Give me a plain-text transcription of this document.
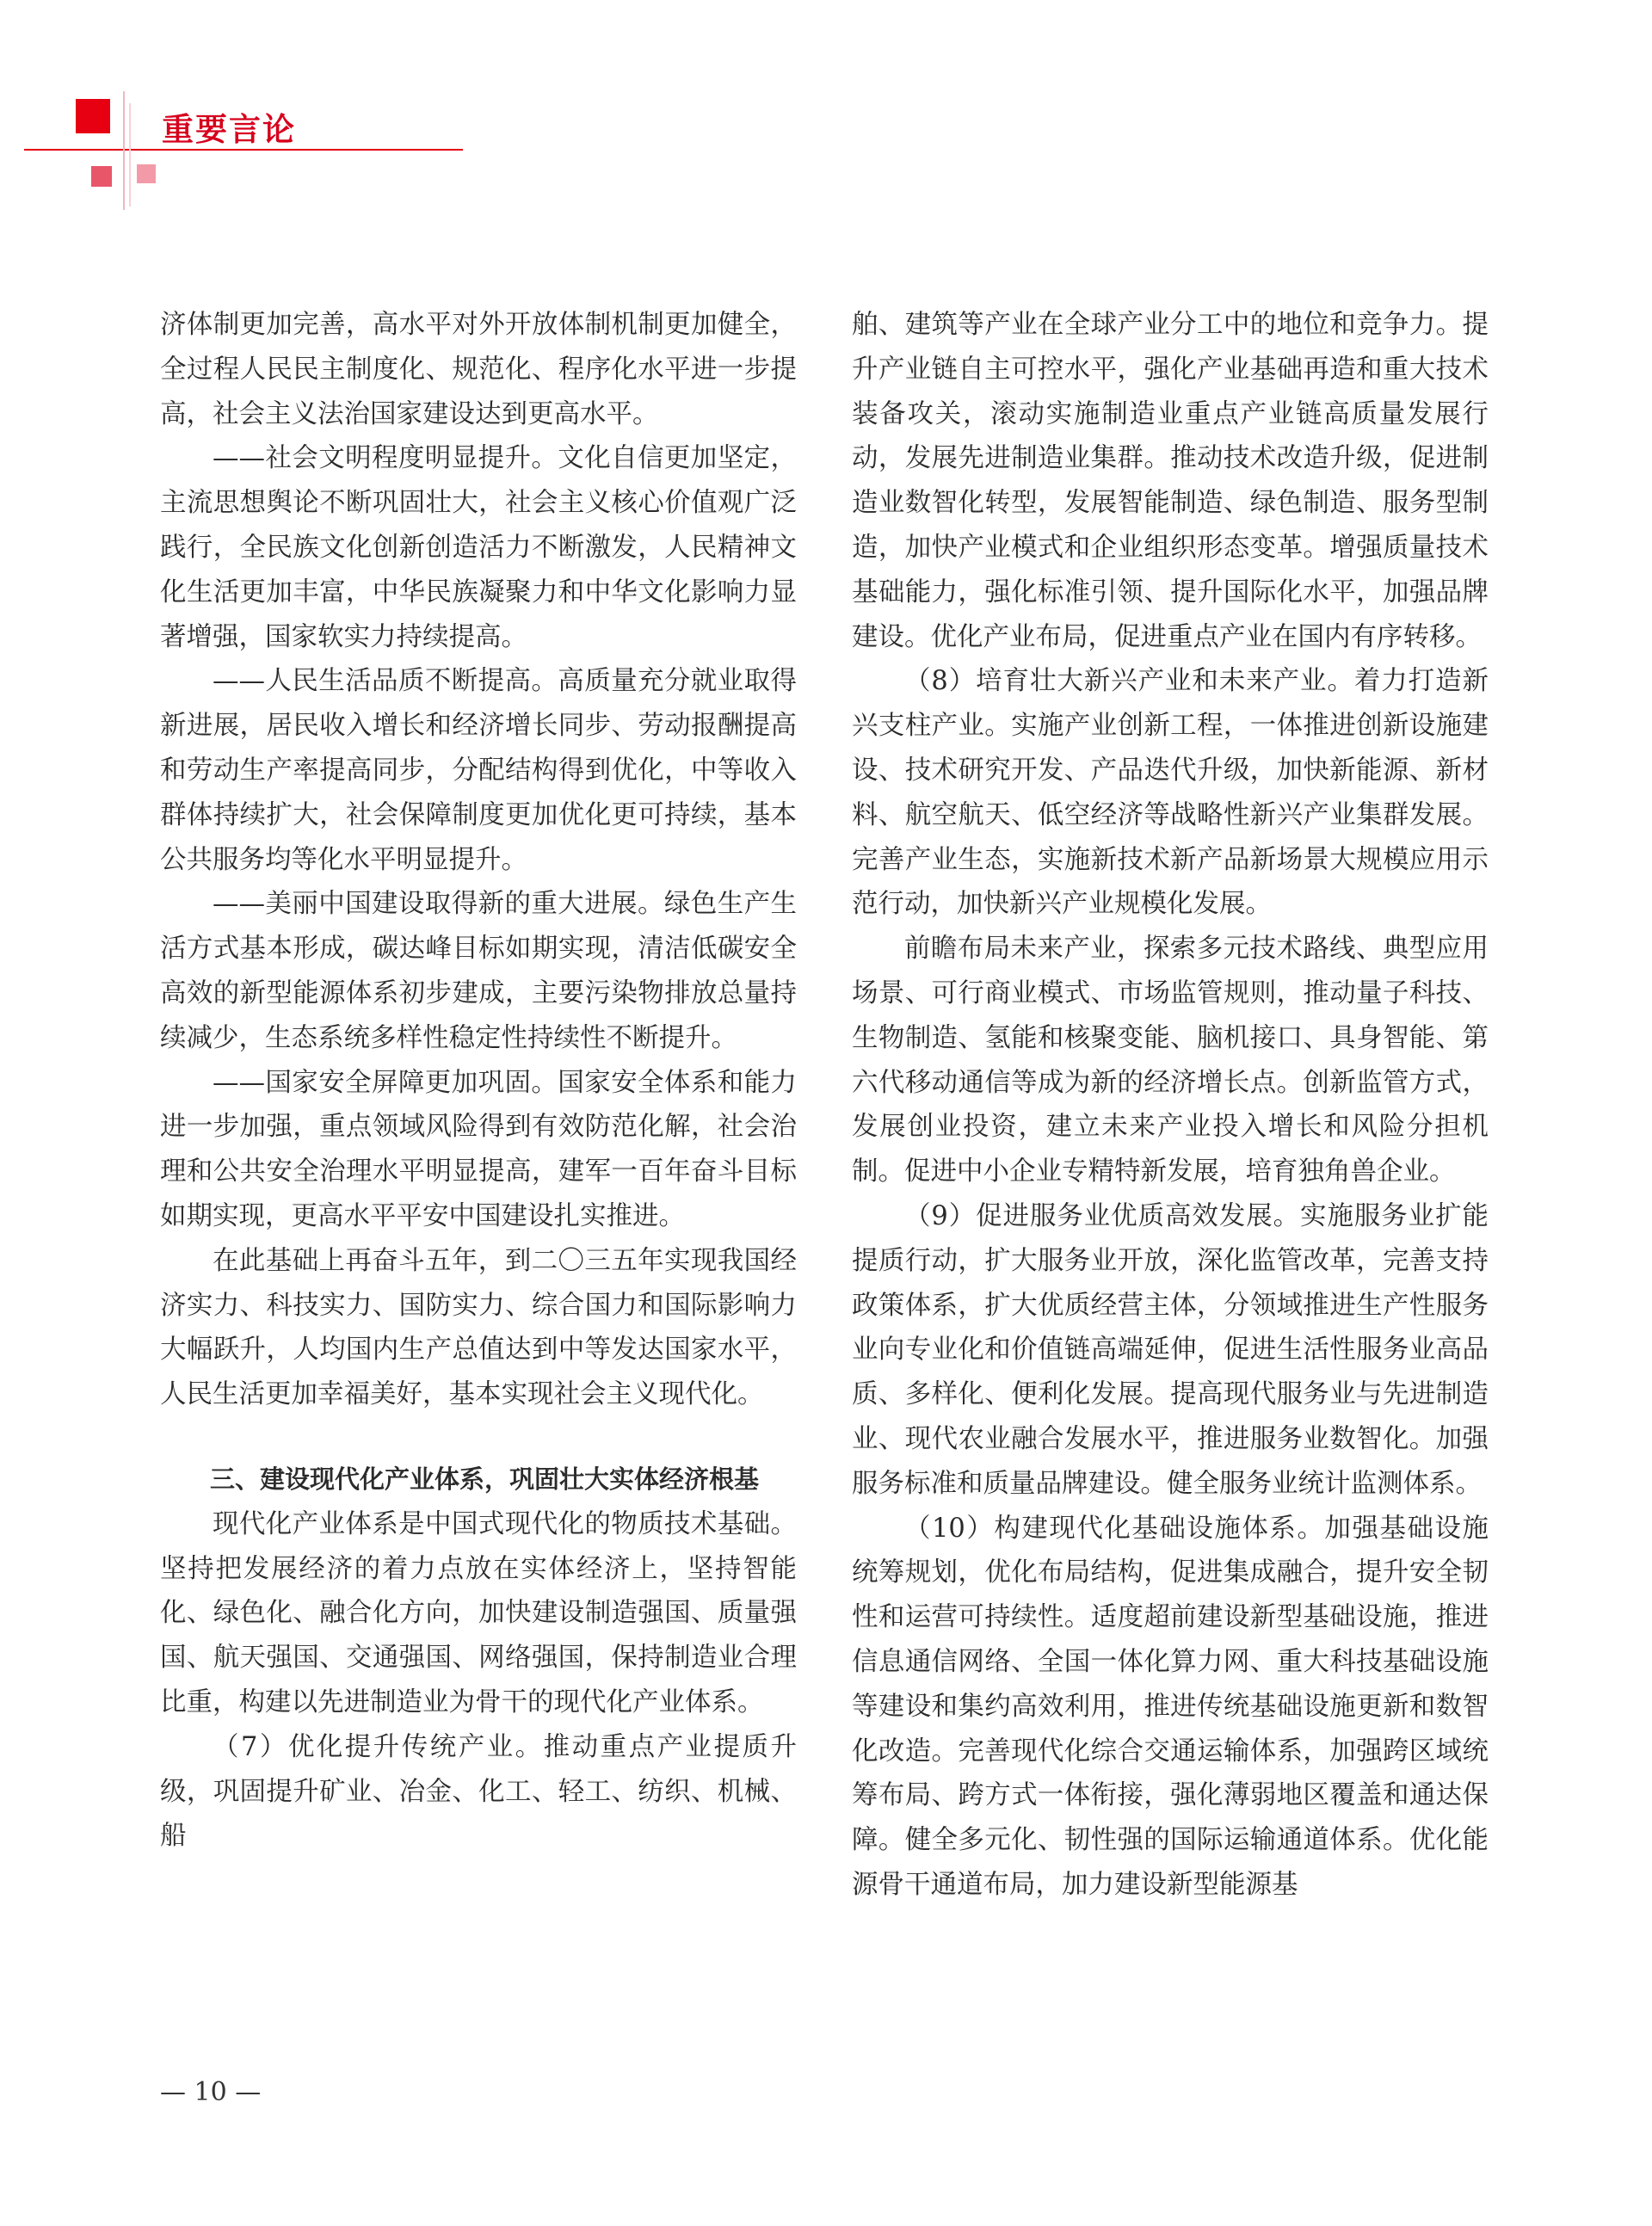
重要言论

济体制更加完善，高水平对外开放体制机制更加健全，全过程人民民主制度化、规范化、程序化水平进一步提高，社会主义法治国家建设达到更高水平。

——社会文明程度明显提升。文化自信更加坚定，主流思想舆论不断巩固壮大，社会主义核心价值观广泛践行，全民族文化创新创造活力不断激发，人民精神文化生活更加丰富，中华民族凝聚力和中华文化影响力显著增强，国家软实力持续提高。

——人民生活品质不断提高。高质量充分就业取得新进展，居民收入增长和经济增长同步、劳动报酬提高和劳动生产率提高同步，分配结构得到优化，中等收入群体持续扩大，社会保障制度更加优化更可持续，基本公共服务均等化水平明显提升。

——美丽中国建设取得新的重大进展。绿色生产生活方式基本形成，碳达峰目标如期实现，清洁低碳安全高效的新型能源体系初步建成，主要污染物排放总量持续减少，生态系统多样性稳定性持续性不断提升。

——国家安全屏障更加巩固。国家安全体系和能力进一步加强，重点领域风险得到有效防范化解，社会治理和公共安全治理水平明显提高，建军一百年奋斗目标如期实现，更高水平平安中国建设扎实推进。

在此基础上再奋斗五年，到二〇三五年实现我国经济实力、科技实力、国防实力、综合国力和国际影响力大幅跃升，人均国内生产总值达到中等发达国家水平，人民生活更加幸福美好，基本实现社会主义现代化。

三、建设现代化产业体系，巩固壮大实体经济根基

现代化产业体系是中国式现代化的物质技术基础。坚持把发展经济的着力点放在实体经济上，坚持智能化、绿色化、融合化方向，加快建设制造强国、质量强国、航天强国、交通强国、网络强国，保持制造业合理比重，构建以先进制造业为骨干的现代化产业体系。

（7）优化提升传统产业。推动重点产业提质升级，巩固提升矿业、冶金、化工、轻工、纺织、机械、船

舶、建筑等产业在全球产业分工中的地位和竞争力。提升产业链自主可控水平，强化产业基础再造和重大技术装备攻关，滚动实施制造业重点产业链高质量发展行动，发展先进制造业集群。推动技术改造升级，促进制造业数智化转型，发展智能制造、绿色制造、服务型制造，加快产业模式和企业组织形态变革。增强质量技术基础能力，强化标准引领、提升国际化水平，加强品牌建设。优化产业布局，促进重点产业在国内有序转移。

（8）培育壮大新兴产业和未来产业。着力打造新兴支柱产业。实施产业创新工程，一体推进创新设施建设、技术研究开发、产品迭代升级，加快新能源、新材料、航空航天、低空经济等战略性新兴产业集群发展。完善产业生态，实施新技术新产品新场景大规模应用示范行动，加快新兴产业规模化发展。

前瞻布局未来产业，探索多元技术路线、典型应用场景、可行商业模式、市场监管规则，推动量子科技、生物制造、氢能和核聚变能、脑机接口、具身智能、第六代移动通信等成为新的经济增长点。创新监管方式，发展创业投资，建立未来产业投入增长和风险分担机制。促进中小企业专精特新发展，培育独角兽企业。

（9）促进服务业优质高效发展。实施服务业扩能提质行动，扩大服务业开放，深化监管改革，完善支持政策体系，扩大优质经营主体，分领域推进生产性服务业向专业化和价值链高端延伸，促进生活性服务业高品质、多样化、便利化发展。提高现代服务业与先进制造业、现代农业融合发展水平，推进服务业数智化。加强服务标准和质量品牌建设。健全服务业统计监测体系。

（10）构建现代化基础设施体系。加强基础设施统筹规划，优化布局结构，促进集成融合，提升安全韧性和运营可持续性。适度超前建设新型基础设施，推进信息通信网络、全国一体化算力网、重大科技基础设施等建设和集约高效利用，推进传统基础设施更新和数智化改造。完善现代化综合交通运输体系，加强跨区域统筹布局、跨方式一体衔接，强化薄弱地区覆盖和通达保障。健全多元化、韧性强的国际运输通道体系。优化能源骨干通道布局，加力建设新型能源基

— 10 —
